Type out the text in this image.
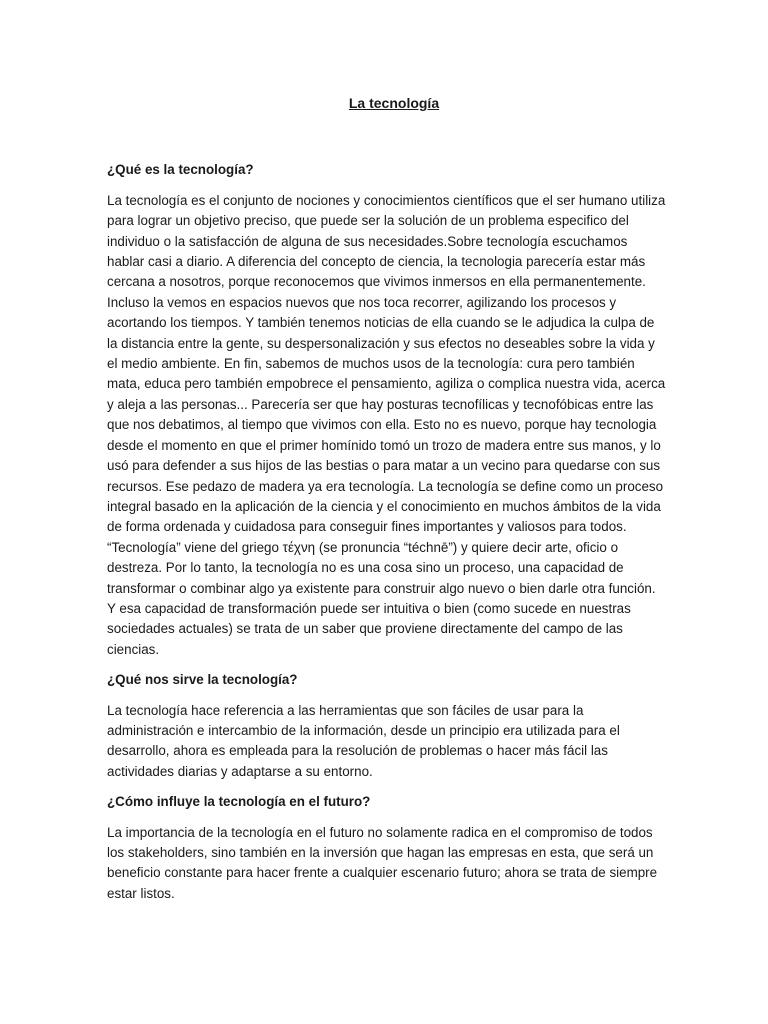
La tecnología

¿Qué es la tecnología?

La tecnología es el conjunto de nociones y conocimientos científicos que el ser humano utiliza para lograr un objetivo preciso, que puede ser la solución de un problema especifico del individuo o la satisfacción de alguna de sus necesidades.Sobre tecnología escuchamos hablar casi a diario. A diferencia del concepto de ciencia, la tecnologia parecería estar más cercana a nosotros, porque reconocemos que vivimos inmersos en ella permanentemente. Incluso la vemos en espacios nuevos que nos toca recorrer, agilizando los procesos y acortando los tiempos. Y también tenemos noticias de ella cuando se le adjudica la culpa de la distancia entre la gente, su despersonalización y sus efectos no deseables sobre la vida y el medio ambiente. En fin, sabemos de muchos usos de la tecnología: cura pero también mata, educa pero también empobrece el pensamiento, agiliza o complica nuestra vida, acerca y aleja a las personas... Parecería ser que hay posturas tecnofílicas y tecnofóbicas entre las que nos debatimos, al tiempo que vivimos con ella. Esto no es nuevo, porque hay tecnologia desde el momento en que el primer homínido tomó un trozo de madera entre sus manos, y lo usó para defender a sus hijos de las bestias o para matar a un vecino para quedarse con sus recursos. Ese pedazo de madera ya era tecnología. La tecnología se define como un proceso integral basado en la aplicación de la ciencia y el conocimiento en muchos ámbitos de la vida de forma ordenada y cuidadosa para conseguir fines importantes y valiosos para todos. “Tecnología” viene del griego τέχνη (se pronuncia “téchnē”) y quiere decir arte, oficio o destreza. Por lo tanto, la tecnología no es una cosa sino un proceso, una capacidad de transformar o combinar algo ya existente para construir algo nuevo o bien darle otra función. Y esa capacidad de transformación puede ser intuitiva o bien (como sucede en nuestras sociedades actuales) se trata de un saber que proviene directamente del campo de las ciencias.

¿Qué nos sirve la tecnología?

La tecnología hace referencia a las herramientas que son fáciles de usar para la administración e intercambio de la información, desde un principio era utilizada para el desarrollo, ahora es empleada para la resolución de problemas o hacer más fácil las actividades diarias y adaptarse a su entorno.

¿Cómo influye la tecnología en el futuro?

La importancia de la tecnología en el futuro no solamente radica en el compromiso de todos los stakeholders, sino también en la inversión que hagan las empresas en esta, que será un beneficio constante para hacer frente a cualquier escenario futuro; ahora se trata de siempre estar listos.
